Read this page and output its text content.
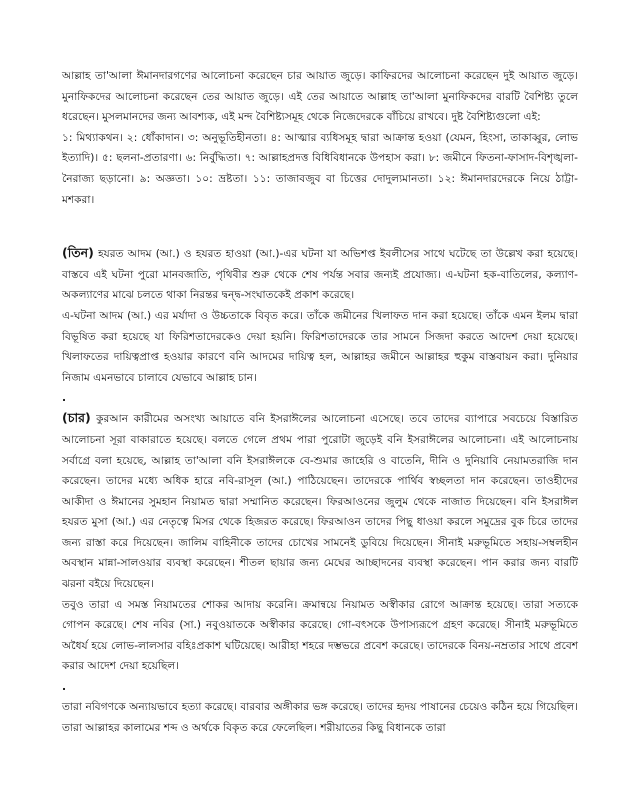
আল্লাহ তা'আলা ঈমানদারগণের আলোচনা করেছেন চার আয়াত জুড়ে। কাফিরদের আলোচনা করেছেন দুই আয়াত জুড়ে। মুনাফিকদের আলোচনা করেছেন তের আয়াত জুড়ে। এই তের আয়াতে আল্লাহ তা'আলা মুনাফিকদের বারটি বৈশিষ্ট্য তুলে ধরেছেন। মুসলমানদের জন্য আবশ্যক, এই মন্দ বৈশিষ্ট্যসমূহ থেকে নিজেদেরকে বাঁচিয়ে রাখবে। দুষ্ট বৈশিষ্ট্যগুলো এই:

১: মিথ্যাকথন। ২: ধোঁকাদান। ৩: অনুভূতিহীনতা। ৪: আত্মার ব্যধিসমূহ দ্বারা আক্রান্ত হওয়া (যেমন, হিংসা, তাকাব্বুর, লোভ ইত্যাদি)। ৫: ছলনা-প্রতারণা। ৬: নির্বুদ্ধিতা। ৭: আল্লাহপ্রদত্ত বিধিবিধানকে উপহাস করা। ৮: জমীনে ফিতনা-ফাসাদ-বিশৃঙ্খলা-নৈরাজ্য ছড়ানো। ৯: অজ্ঞতা। ১০: ভ্রষ্টতা। ১১: তাজাবজুব বা চিত্তের দোদুল্যমানতা। ১২: ঈমানদারদেরকে নিয়ে ঠাট্টা-মশকরা।

(তিন) হযরত আদম (আ.) ও হযরত হাওয়া (আ.)-এর ঘটনা যা অভিশপ্ত ইবলীসের সাথে ঘটেছে তা উল্লেখ করা হয়েছে। বাস্তবে এই ঘটনা পুরো মানবজাতি, পৃথিবীর শুরু থেকে শেষ পর্যন্ত সবার জন্যই প্রযোজ্য। এ-ঘটনা হক-বাতিলের, কল্যাণ-অকল্যাণের মাঝে চলতে থাকা নিরন্তর দ্বন্দ্ব-সংঘাতকেই প্রকাশ করেছে।

এ-ঘটনা আদম (আ.) এর মর্যাদা ও উচ্চতাকে বিবৃত করে। তাঁকে জমীনের খিলাফত দান করা হয়েছে। তাঁকে এমন ইলম দ্বারা বিভূষিত করা হয়েছে যা ফিরিশতাদেরকেও দেয়া হয়নি। ফিরিশতাদেরকে তার সামনে সিজদা করতে আদেশ দেয়া হয়েছে। খিলাফতের দায়িত্বপ্রাপ্ত হওয়ার কারণে বনি আদমের দায়িত্ব হল, আল্লাহর জমীনে আল্লাহর হুকুম বাস্তবায়ন করা। দুনিয়ার নিজাম এমনভাবে চালাবে যেভাবে আল্লাহ চান।

.

(চার) কুরআন কারীমের অসংখ্য আয়াতে বনি ইসরাঈলের আলোচনা এসেছে। তবে তাদের ব্যাপারে সবচেয়ে বিস্তারিত আলোচনা সূরা বাকারাতে হয়েছে। বলতে গেলে প্রথম পারা পুরোটা জুড়েই বনি ইসরাঈলের আলোচনা। এই আলোচনায় সর্বাগ্রে বলা হয়েছে, আল্লাহ তা'আলা বনি ইসরাঈলকে বে-শুমার জাহেরি ও বাতেনি, দীনি ও দুনিয়াবি নেয়ামতরাজি দান করেছেন। তাদের মধ্যে অধিক হারে নবি-রাসূল (আ.) পাঠিয়েছেন। তাদেরকে পার্থিব স্বচ্ছলতা দান করেছেন। তাওহীদের আকীদা ও ঈমানের সুমহান নিয়ামত দ্বারা সম্মানিত করেছেন। ফিরআওনের জুলুম থেকে নাজাত দিয়েছেন। বনি ইসরাঈল হযরত মুসা (আ.) এর নেতৃত্বে মিসর থেকে হিজরত করেছে। ফিরআওন তাদের পিছু ধাওয়া করলে সমুদ্রের বুক চিরে তাদের জন্য রাস্তা করে দিয়েছেন। জালিম বাহিনীকে তাদের চোখের সামনেই ডুবিয়ে দিয়েছেন। সীনাই মরুভূমিতে সহায়-সম্বলহীন অবস্থান মান্না-সালওয়ার ব্যবস্থা করেছেন। শীতল ছায়ার জন্য মেঘের আচ্ছাদনের ব্যবস্থা করেছেন। পান করার জন্য বারটি ঝরনা বইয়ে দিয়েছেন।

তবুও তারা এ সমস্ত নিয়ামতের শোকর আদায় করেনি। ক্রমান্বয়ে নিয়ামত অস্বীকার রোগে আক্রান্ত হয়েছে। তারা সত্যকে গোপন করেছে। শেষ নবির (সা.) নবুওয়াতকে অস্বীকার করেছে। গো-বৎসকে উপাস্যরূপে গ্রহণ করেছে। সীনাই মরুভূমিতে অধৈর্য হয়ে লোভ-লালসার বহিঃপ্রকাশ ঘটিয়েছে। আরীহা শহরে দম্ভভরে প্রবেশ করেছে। তাদেরকে বিনয়-নম্রতার সাথে প্রবেশ করার আদেশ দেয়া হয়েছিল।

.

তারা নবিগণকে অন্যায়ভাবে হত্যা করেছে। বারবার অঙ্গীকার ভঙ্গ করেছে। তাদের হৃদয় পাষানের চেয়েও কঠিন হয়ে গিয়েছিল। তারা আল্লাহর কালামের শব্দ ও অর্থকে বিকৃত করে ফেলেছিল। শরীয়াতের কিছু বিধানকে তারা
